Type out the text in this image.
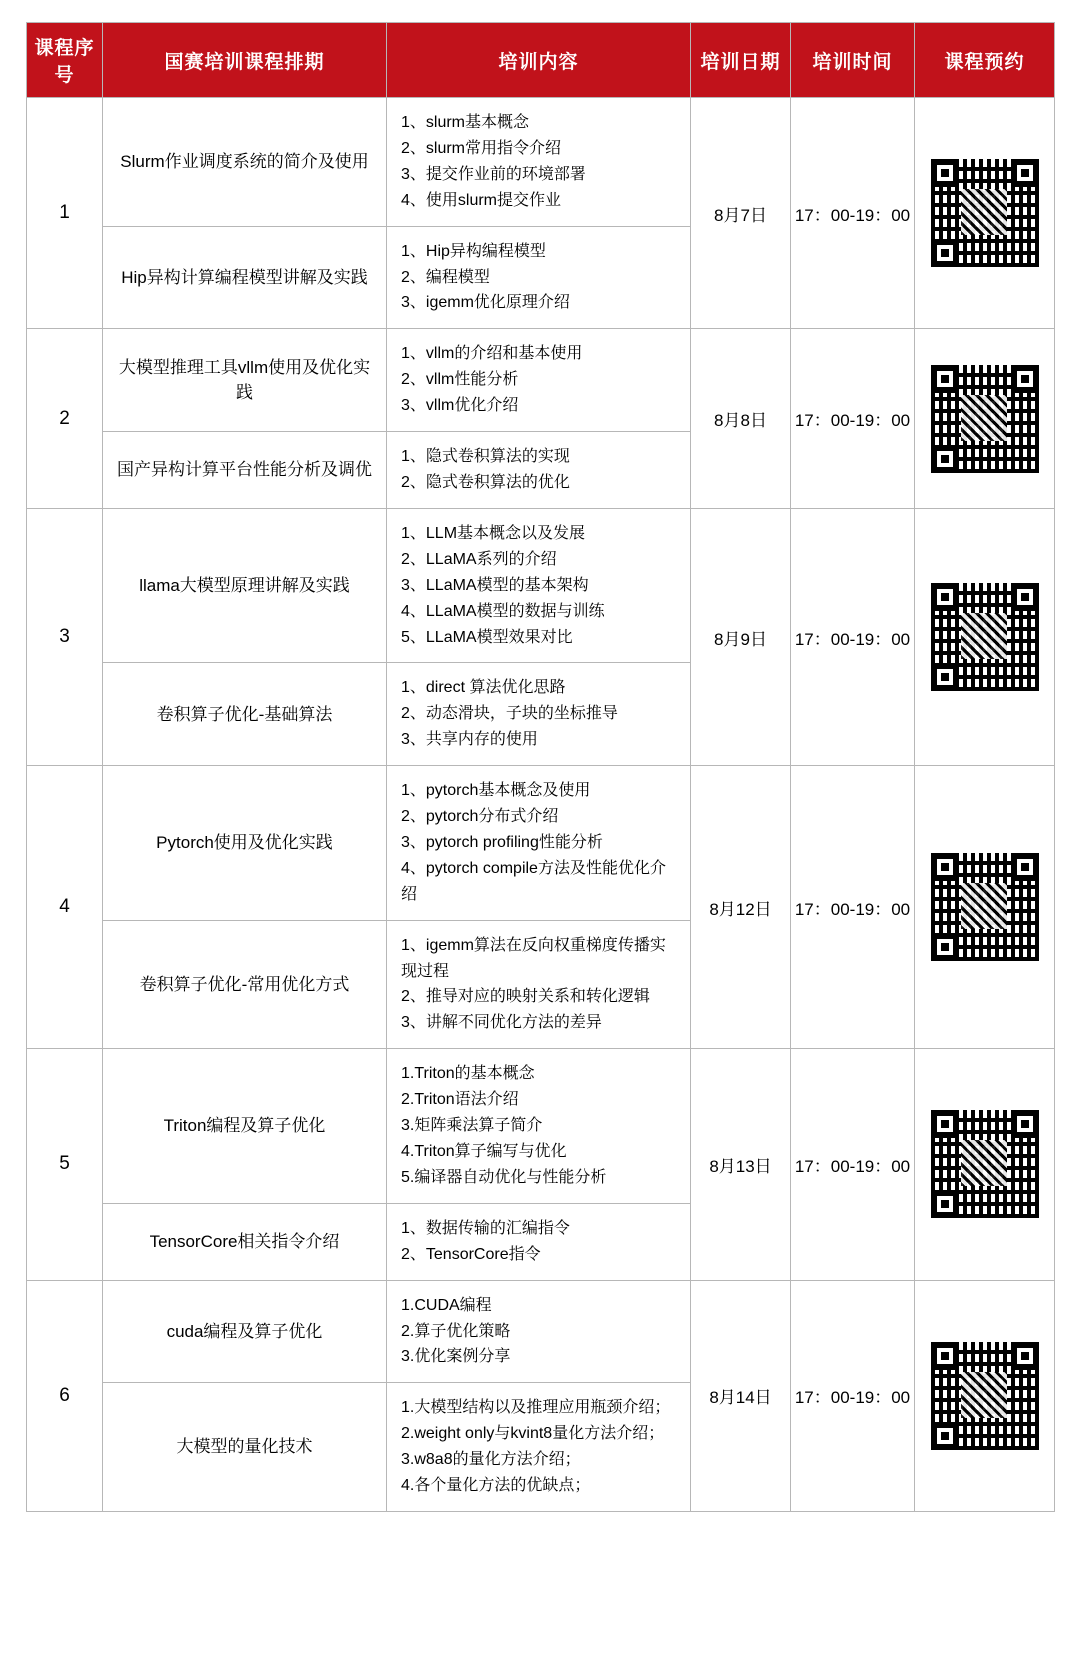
课程序号	国赛培训课程排期	培训内容	培训日期	培训时间	课程预约
1	Slurm作业调度系统的简介及使用	1、slurm基本概念
2、slurm常用指令介绍
3、提交作业前的环境部署
4、使用slurm提交作业	8月7日	17：00-19：00	

	Hip异构计算编程模型讲解及实践	1、Hip异构编程模型
2、编程模型
3、igemm优化原理介绍			

2	大模型推理工具vllm使用及优化实践	1、vllm的介绍和基本使用
2、vllm性能分析
3、vllm优化介绍	8月8日	17：00-19：00	

	国产异构计算平台性能分析及调优	1、隐式卷积算法的实现
2、隐式卷积算法的优化			

3	llama大模型原理讲解及实践	1、LLM基本概念以及发展
2、LLaMA系列的介绍
3、LLaMA模型的基本架构
4、LLaMA模型的数据与训练
5、LLaMA模型效果对比	8月9日	17：00-19：00	

	卷积算子优化-基础算法	1、direct 算法优化思路
2、动态滑块，子块的坐标推导
3、共享内存的使用			

4	Pytorch使用及优化实践	1、pytorch基本概念及使用
2、pytorch分布式介绍
3、pytorch profiling性能分析
4、pytorch compile方法及性能优化介绍	8月12日	17：00-19：00	

	卷积算子优化-常用优化方式	1、igemm算法在反向权重梯度传播实现过程
2、推导对应的映射关系和转化逻辑
3、讲解不同优化方法的差异			

5	Triton编程及算子优化	1.Triton的基本概念
2.Triton语法介绍
3.矩阵乘法算子简介
4.Triton算子编写与优化
5.编译器自动优化与性能分析	8月13日	17：00-19：00	

	TensorCore相关指令介绍	1、数据传输的汇编指令
2、TensorCore指令			

6	cuda编程及算子优化	1.CUDA编程
2.算子优化策略
3.优化案例分享	8月14日	17：00-19：00	

	大模型的量化技术	1.大模型结构以及推理应用瓶颈介绍；
2.weight only与kvint8量化方法介绍；
3.w8a8的量化方法介绍；
4.各个量化方法的优缺点；			
